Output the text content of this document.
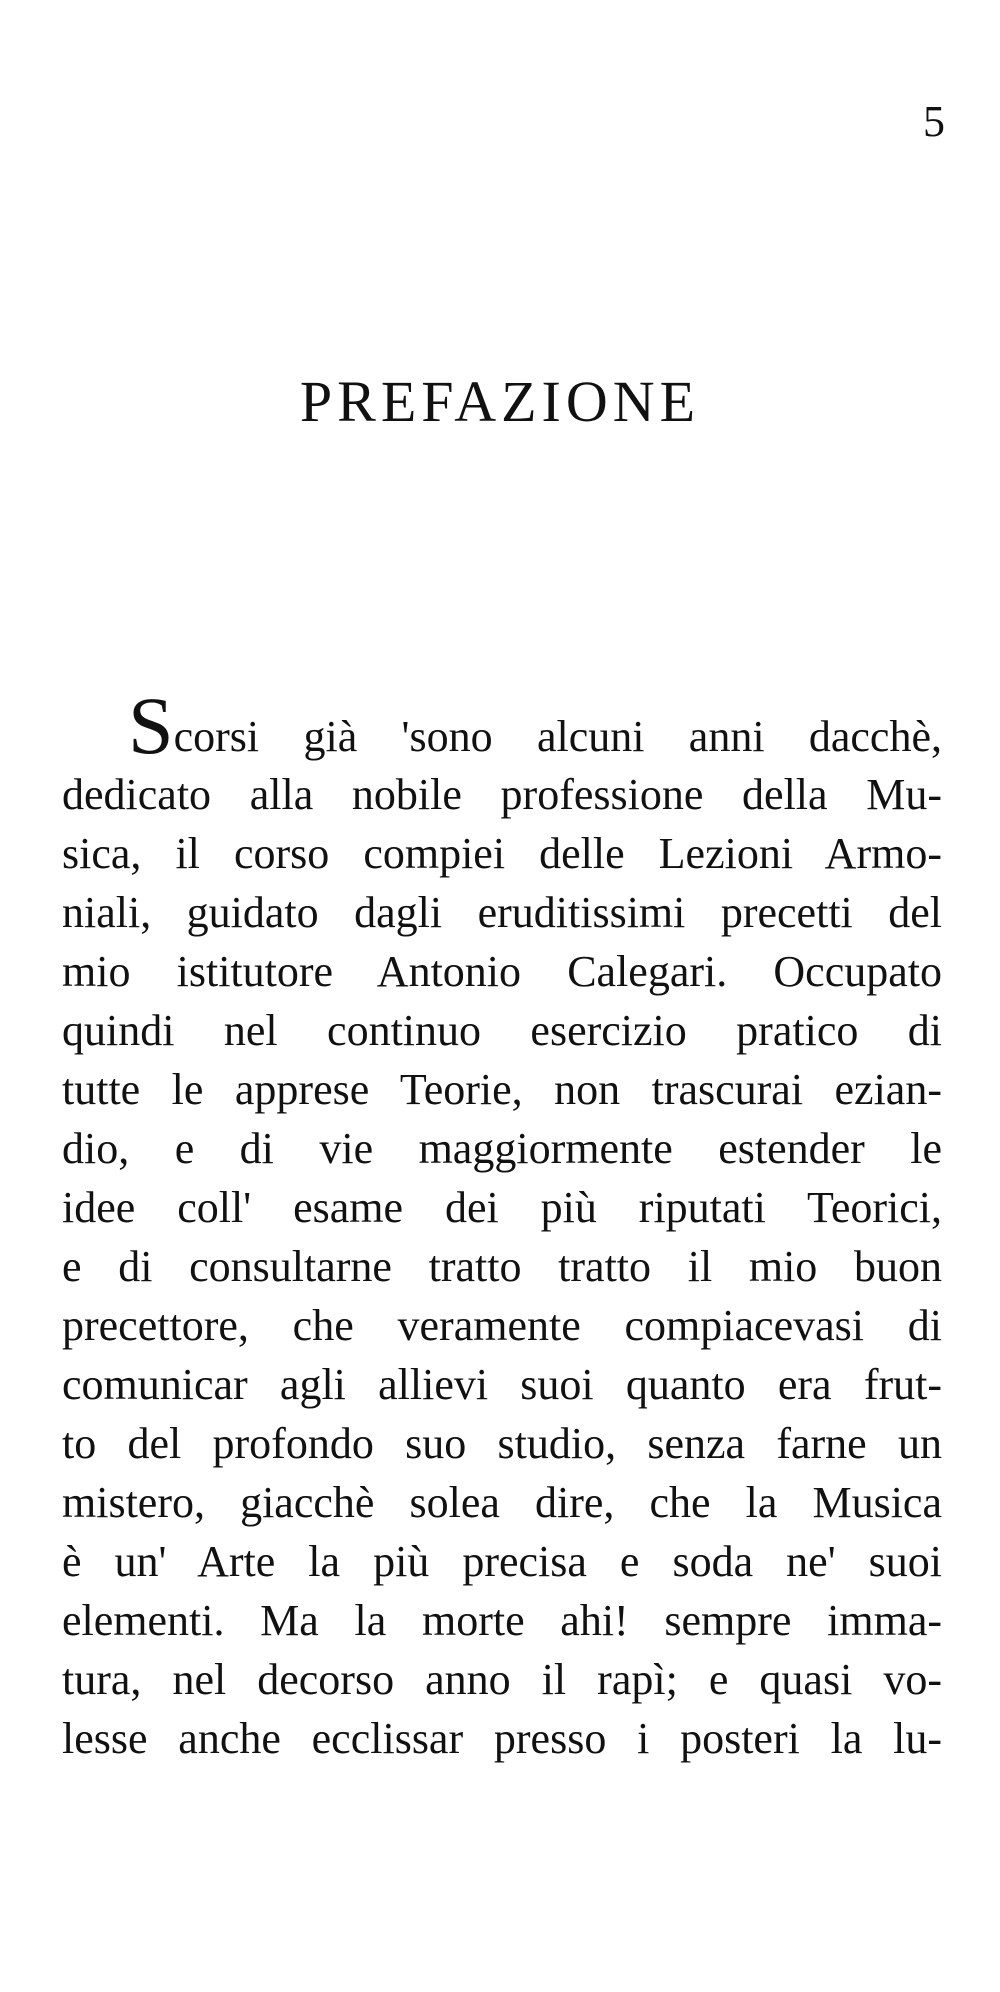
5
PREFAZIONE
Scorsi già 'sono alcuni anni dacchè,
dedicato alla nobile professione della Mu-
sica, il corso compiei delle Lezioni Armo-
niali, guidato dagli eruditissimi precetti del
mio istitutore Antonio Calegari. Occupato
quindi nel continuo esercizio pratico di
tutte le apprese Teorie, non trascurai ezian-
dio, e di vie maggiormente estender le
idee coll' esame dei più riputati Teorici,
e di consultarne tratto tratto il mio buon
precettore, che veramente compiacevasi di
comunicar agli allievi suoi quanto era frut-
to del profondo suo studio, senza farne un
mistero, giacchè solea dire, che la Musica
è un' Arte la più precisa e soda ne' suoi
elementi. Ma la morte ahi! sempre imma-
tura, nel decorso anno il rapì; e quasi vo-
lesse anche ecclissar presso i posteri la lu-
